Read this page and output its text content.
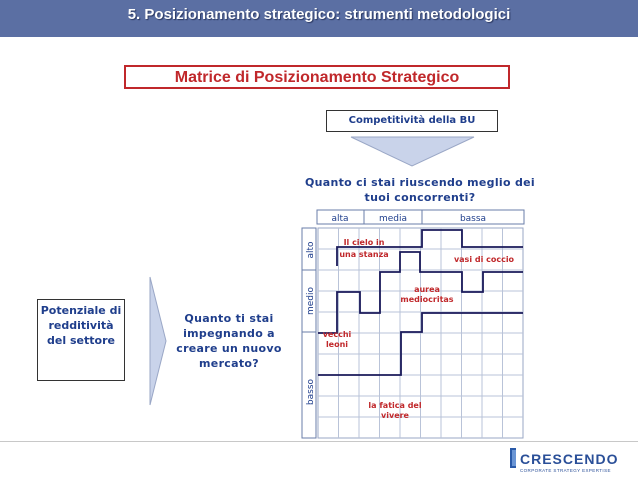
5. Posizionamento strategico: strumenti metodologici
Matrice di Posizionamento Strategico
Competitività della BU
Quanto ci stai riuscendo meglio dei tuoi concorrenti?
Potenziale di redditività del settore
Quanto ti stai impegnando a creare un nuovo mercato?
alta	media	bassa
alto
medio
basso
Il cielo in
una stanza
vasi di coccio
aurea
mediocritas
vecchi
leoni
la fatica del
vivere
CRESCENDO
CORPORATE STRATEGY EXPERTISE
